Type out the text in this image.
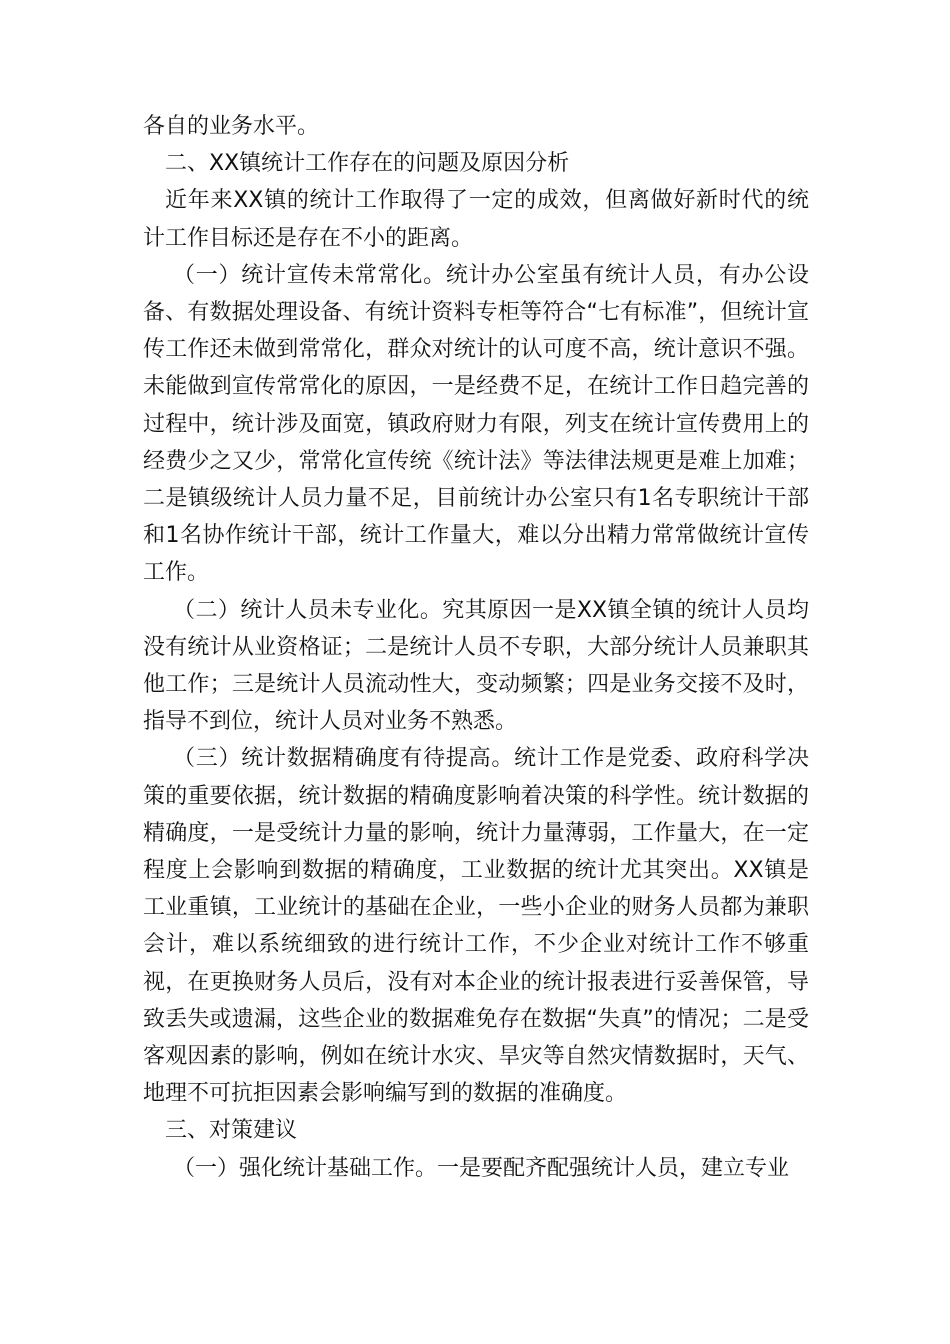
各自的业务水平。

二、XX镇统计工作存在的问题及原因分析

近年来XX镇的统计工作取得了一定的成效，但离做好新时代的统计工作目标还是存在不小的距离。

（一）统计宣传未常常化。统计办公室虽有统计人员，有办公设备、有数据处理设备、有统计资料专柜等符合“七有标准”，但统计宣传工作还未做到常常化，群众对统计的认可度不高，统计意识不强。未能做到宣传常常化的原因，一是经费不足，在统计工作日趋完善的过程中，统计涉及面宽，镇政府财力有限，列支在统计宣传费用上的经费少之又少，常常化宣传统《统计法》等法律法规更是难上加难；二是镇级统计人员力量不足，目前统计办公室只有1名专职统计干部和1名协作统计干部，统计工作量大，难以分出精力常常做统计宣传工作。

（二）统计人员未专业化。究其原因一是XX镇全镇的统计人员均没有统计从业资格证；二是统计人员不专职，大部分统计人员兼职其他工作；三是统计人员流动性大，变动频繁；四是业务交接不及时，指导不到位，统计人员对业务不熟悉。

（三）统计数据精确度有待提高。统计工作是党委、政府科学决策的重要依据，统计数据的精确度影响着决策的科学性。统计数据的精确度，一是受统计力量的影响，统计力量薄弱，工作量大，在一定程度上会影响到数据的精确度，工业数据的统计尤其突出。XX镇是工业重镇，工业统计的基础在企业，一些小企业的财务人员都为兼职会计，难以系统细致的进行统计工作，不少企业对统计工作不够重视，在更换财务人员后，没有对本企业的统计报表进行妥善保管，导致丢失或遗漏，这些企业的数据难免存在数据“失真”的情况；二是受客观因素的影响，例如在统计水灾、旱灾等自然灾情数据时，天气、地理不可抗拒因素会影响编写到的数据的准确度。

三、对策建议

（一）强化统计基础工作。一是要配齐配强统计人员，建立专业
